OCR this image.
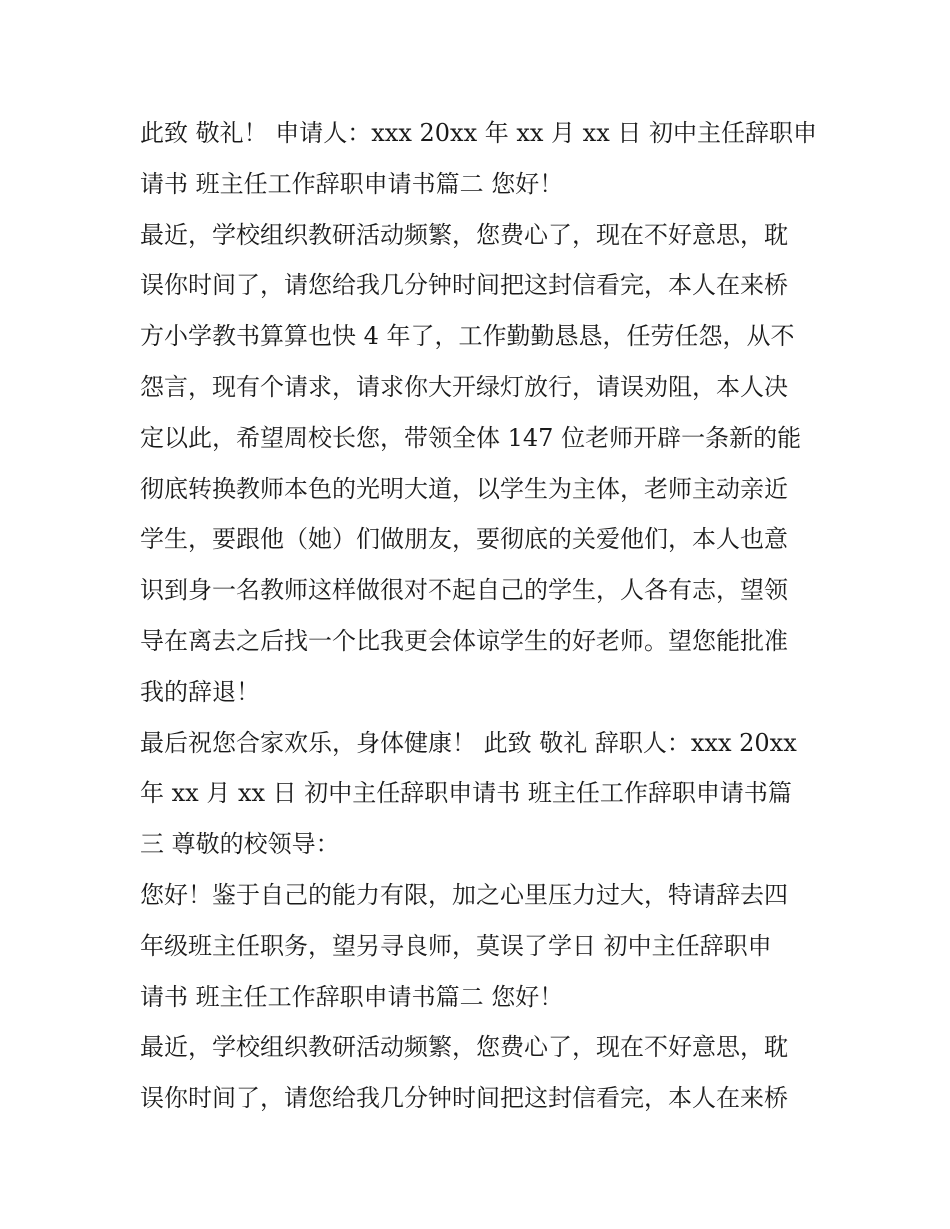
此致 敬礼！ 申请人：xxx 20xx 年 xx 月 xx 日 初中主任辞职申
请书 班主任工作辞职申请书篇二 您好！
最近，学校组织教研活动频繁，您费心了，现在不好意思，耽
误你时间了，请您给我几分钟时间把这封信看完，本人在来桥
方小学教书算算也快 4 年了，工作勤勤恳恳，任劳任怨，从不
怨言，现有个请求，请求你大开绿灯放行，请误劝阻，本人决
定以此，希望周校长您，带领全体 147 位老师开辟一条新的能
彻底转换教师本色的光明大道，以学生为主体，老师主动亲近
学生，要跟他（她）们做朋友，要彻底的关爱他们，本人也意
识到身一名教师这样做很对不起自己的学生，人各有志，望领
导在离去之后找一个比我更会体谅学生的好老师。望您能批准
我的辞退！
最后祝您合家欢乐，身体健康！ 此致 敬礼 辞职人：xxx 20xx
年 xx 月 xx 日 初中主任辞职申请书 班主任工作辞职申请书篇
三 尊敬的校领导：
您好！鉴于自己的能力有限，加之心里压力过大，特请辞去四
年级班主任职务，望另寻良师，莫误了学日 初中主任辞职申
请书 班主任工作辞职申请书篇二 您好！
最近，学校组织教研活动频繁，您费心了，现在不好意思，耽
误你时间了，请您给我几分钟时间把这封信看完，本人在来桥
